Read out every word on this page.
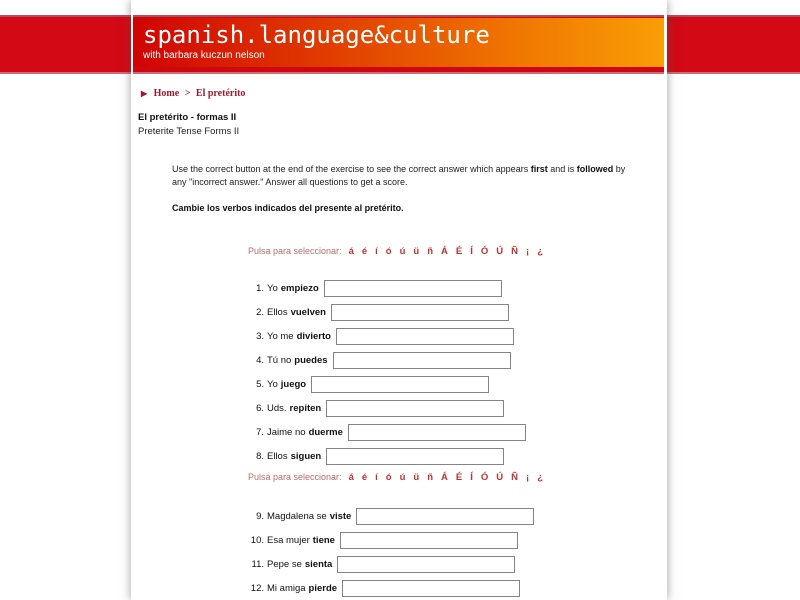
spanish.language&culture
with barbara kuczun nelson
▶ Home > El pretérito
El pretérito - formas II
Preterite Tense Forms II
Use the correct button at the end of the exercise to see the correct answer which appears first and is followed by any "incorrect answer." Answer all questions to get a score.
Cambie los verbos indicados del presente al pretérito.
Pulsa para seleccionar: á é í ó ú ü ñ Á É Í Ó Ú Ñ ¡ ¿
1. Yo empiezo
2. Ellos vuelven
3. Yo me divierto
4. Tú no puedes
5. Yo juego
6. Uds. repiten
7. Jaime no duerme
8. Ellos siguen
Pulsa para seleccionar: á é í ó ú ü ñ Á É Í Ó Ú Ñ ¡ ¿
9. Magdalena se viste
10. Esa mujer tiene
11. Pepe se sienta
12. Mi amiga pierde
